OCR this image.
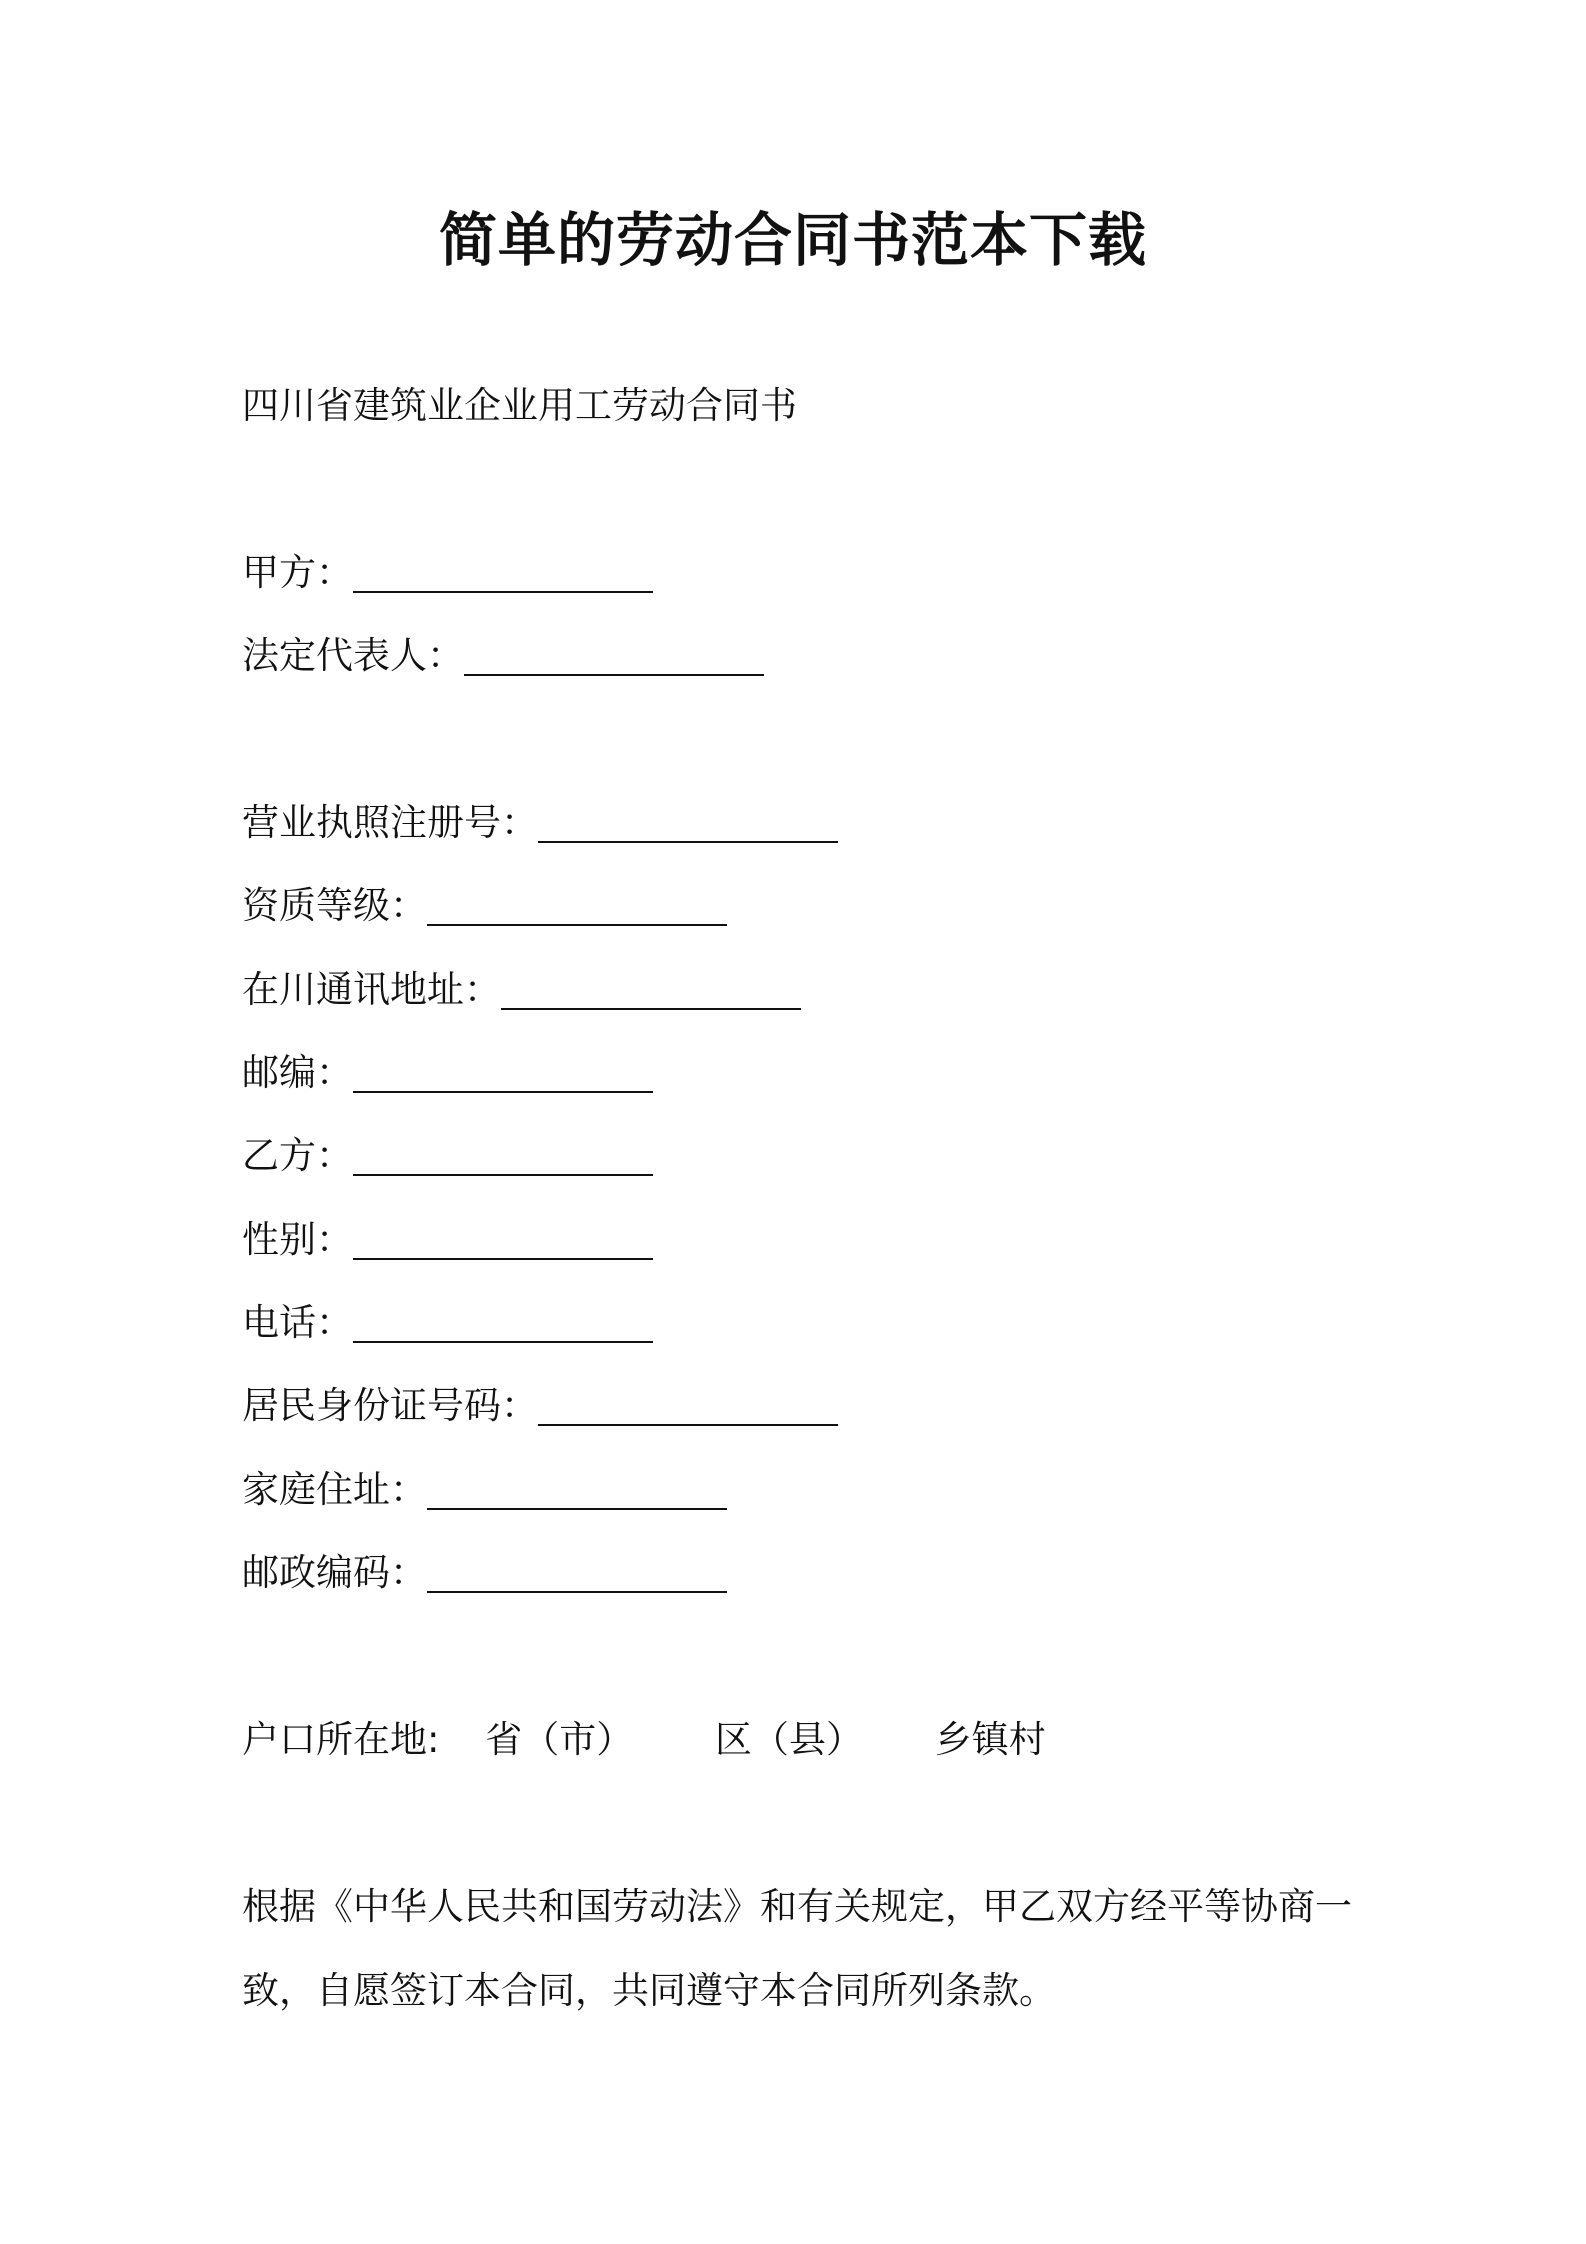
简单的劳动合同书范本下载
四川省建筑业企业用工劳动合同书
甲方：
法定代表人：
营业执照注册号：
资质等级：
在川通讯地址：
邮编：
乙方：
性别：
电话：
居民身份证号码：
家庭住址：
邮政编码：
户口所在地: 省（市） 区（县） 乡镇村
根据《中华人民共和国劳动法》和有关规定，甲乙双方经平等协商一
致，自愿签订本合同，共同遵守本合同所列条款。
